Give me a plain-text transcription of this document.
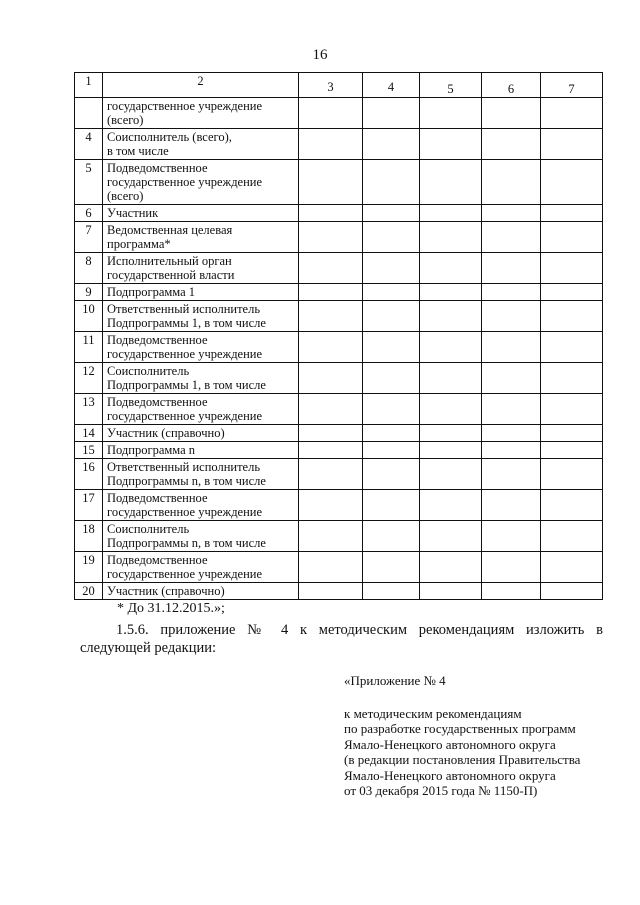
16
1	2	3	4	5	6	7
	государственное учреждение
(всего)					
4	Соисполнитель (всего),
в том числе					
5	Подведомственное
государственное учреждение
(всего)					
6	Участник					
7	Ведомственная целевая
программа*					
8	Исполнительный орган
государственной власти					
9	Подпрограмма 1					
10	Ответственный исполнитель
Подпрограммы 1, в том числе					
11	Подведомственное
государственное учреждение					
12	Соисполнитель
Подпрограммы 1, в том числе					
13	Подведомственное
государственное учреждение					
14	Участник (справочно)					
15	Подпрограмма n					
16	Ответственный исполнитель
Подпрограммы n, в том числе					
17	Подведомственное
государственное учреждение					
18	Соисполнитель
Подпрограммы n, в том числе					
19	Подведомственное
государственное учреждение					
20	Участник (справочно)					
* До 31.12.2015.»;
1.5.6. приложение № 4 к методическим рекомендациям изложить в
следующей редакции:
«Приложение № 4
к методическим рекомендациям
по разработке государственных программ
Ямало-Ненецкого автономного округа
(в редакции постановления Правительства
Ямало-Ненецкого автономного округа
от 03 декабря 2015 года № 1150-П)
